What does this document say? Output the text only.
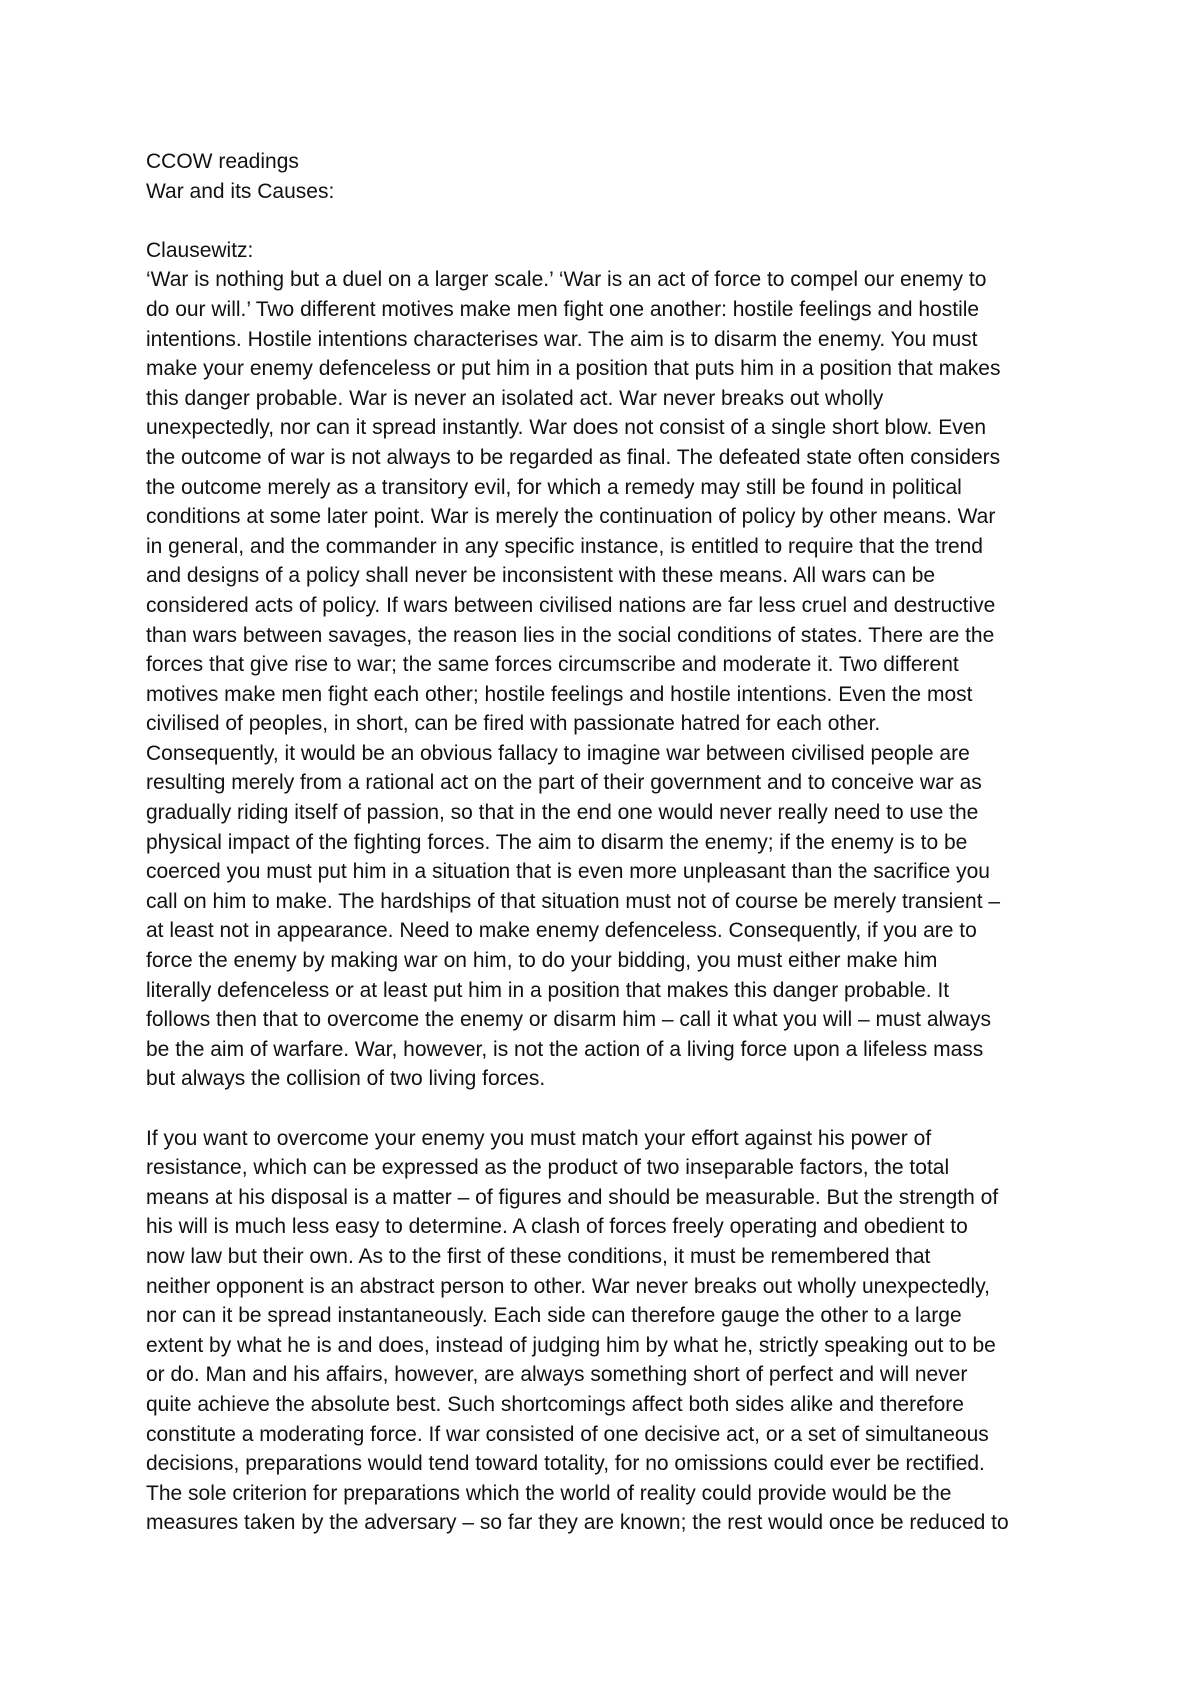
CCOW readings
War and its Causes:
Clausewitz:
‘War is nothing but a duel on a larger scale.’ ‘War is an act of force to compel our enemy to
do our will.’ Two different motives make men fight one another: hostile feelings and hostile
intentions. Hostile intentions characterises war. The aim is to disarm the enemy. You must
make your enemy defenceless or put him in a position that puts him in a position that makes
this danger probable. War is never an isolated act. War never breaks out wholly
unexpectedly, nor can it spread instantly. War does not consist of a single short blow. Even
the outcome of war is not always to be regarded as final. The defeated state often considers
the outcome merely as a transitory evil, for which a remedy may still be found in political
conditions at some later point. War is merely the continuation of policy by other means. War
in general, and the commander in any specific instance, is entitled to require that the trend
and designs of a policy shall never be inconsistent with these means. All wars can be
considered acts of policy. If wars between civilised nations are far less cruel and destructive
than wars between savages, the reason lies in the social conditions of states. There are the
forces that give rise to war; the same forces circumscribe and moderate it. Two different
motives make men fight each other; hostile feelings and hostile intentions. Even the most
civilised of peoples, in short, can be fired with passionate hatred for each other.
Consequently, it would be an obvious fallacy to imagine war between civilised people are
resulting merely from a rational act on the part of their government and to conceive war as
gradually riding itself of passion, so that in the end one would never really need to use the
physical impact of the fighting forces. The aim to disarm the enemy; if the enemy is to be
coerced you must put him in a situation that is even more unpleasant than the sacrifice you
call on him to make. The hardships of that situation must not of course be merely transient –
at least not in appearance. Need to make enemy defenceless. Consequently, if you are to
force the enemy by making war on him, to do your bidding, you must either make him
literally defenceless or at least put him in a position that makes this danger probable. It
follows then that to overcome the enemy or disarm him – call it what you will – must always
be the aim of warfare. War, however, is not the action of a living force upon a lifeless mass
but always the collision of two living forces.
If you want to overcome your enemy you must match your effort against his power of
resistance, which can be expressed as the product of two inseparable factors, the total
means at his disposal is a matter – of figures and should be measurable. But the strength of
his will is much less easy to determine. A clash of forces freely operating and obedient to
now law but their own. As to the first of these conditions, it must be remembered that
neither opponent is an abstract person to other. War never breaks out wholly unexpectedly,
nor can it be spread instantaneously. Each side can therefore gauge the other to a large
extent by what he is and does, instead of judging him by what he, strictly speaking out to be
or do. Man and his affairs, however, are always something short of perfect and will never
quite achieve the absolute best. Such shortcomings affect both sides alike and therefore
constitute a moderating force. If war consisted of one decisive act, or a set of simultaneous
decisions, preparations would tend toward totality, for no omissions could ever be rectified.
The sole criterion for preparations which the world of reality could provide would be the
measures taken by the adversary – so far they are known; the rest would once be reduced to
